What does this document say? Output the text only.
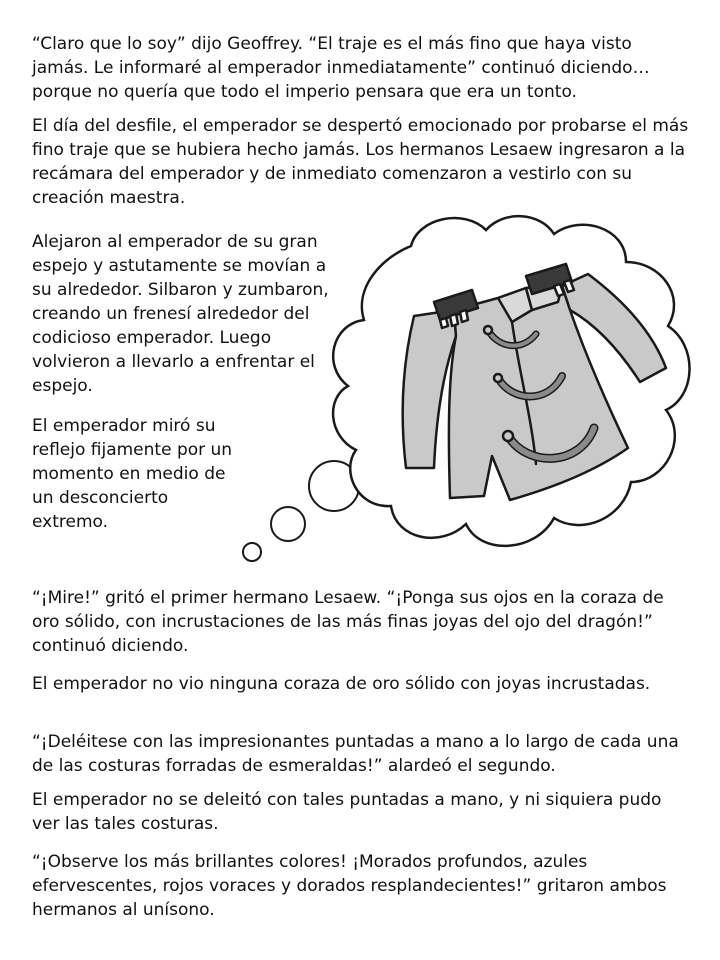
“Claro que lo soy” dijo Geoffrey. “El traje es el más fino que haya visto jamás. Le informaré al emperador inmediatamente” continuó diciendo… porque no quería que todo el imperio pensara que era un tonto.

El día del desfile, el emperador se despertó emocionado por probarse el más fino traje que se hubiera hecho jamás. Los hermanos Lesaew ingresaron a la recámara del emperador y de inmediato comenzaron a vestirlo con su creación maestra.

Alejaron al emperador de su gran espejo y astutamente se movían a su alrededor. Silbaron y zumbaron, creando un frenesí alrededor del codicioso emperador. Luego volvieron a llevarlo a enfrentar el espejo.

El emperador miró su reflejo fijamente por un momento en medio de un desconcierto extremo.

“¡Mire!” gritó el primer hermano Lesaew. “¡Ponga sus ojos en la coraza de oro sólido, con incrustaciones de las más finas joyas del ojo del dragón!” continuó diciendo.

El emperador no vio ninguna coraza de oro sólido con joyas incrustadas.

“¡Deléitese con las impresionantes puntadas a mano a lo largo de cada una de las costuras forradas de esmeraldas!” alardeó el segundo.

El emperador no se deleitó con tales puntadas a mano, y ni siquiera pudo ver las tales costuras.

“¡Observe los más brillantes colores! ¡Morados profundos, azules efervescentes, rojos voraces y dorados resplandecientes!” gritaron ambos hermanos al unísono.
